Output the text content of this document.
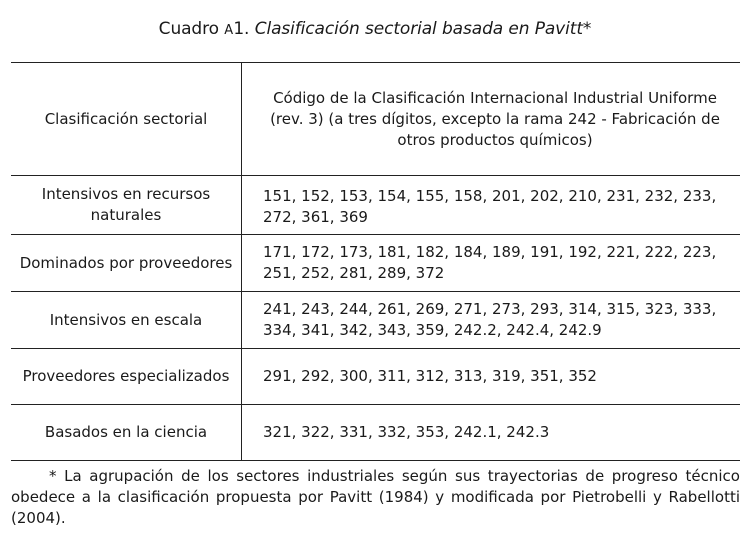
Cuadro A1. Clasificación sectorial basada en Pavitt*
Clasificación sectorial	Código de la Clasificación Internacional Industrial Uniforme (rev. 3) (a tres dígitos, excepto la rama 242 - Fabricación de otros productos químicos)
Intensivos en recursos naturales	151, 152, 153, 154, 155, 158, 201, 202, 210, 231, 232, 233, 272, 361, 369
Dominados por proveedores	171, 172, 173, 181, 182, 184, 189, 191, 192, 221, 222, 223, 251, 252, 281, 289, 372
Intensivos en escala	241, 243, 244, 261, 269, 271, 273, 293, 314, 315, 323, 333, 334, 341, 342, 343, 359, 242.2, 242.4, 242.9
Proveedores especializados	291, 292, 300, 311, 312, 313, 319, 351, 352
Basados en la ciencia	321, 322, 331, 332, 353, 242.1, 242.3
* La agrupación de los sectores industriales según sus trayectorias de progreso técnico obedece a la clasificación propuesta por Pavitt (1984) y modificada por Pietrobelli y Rabellotti (2004).
